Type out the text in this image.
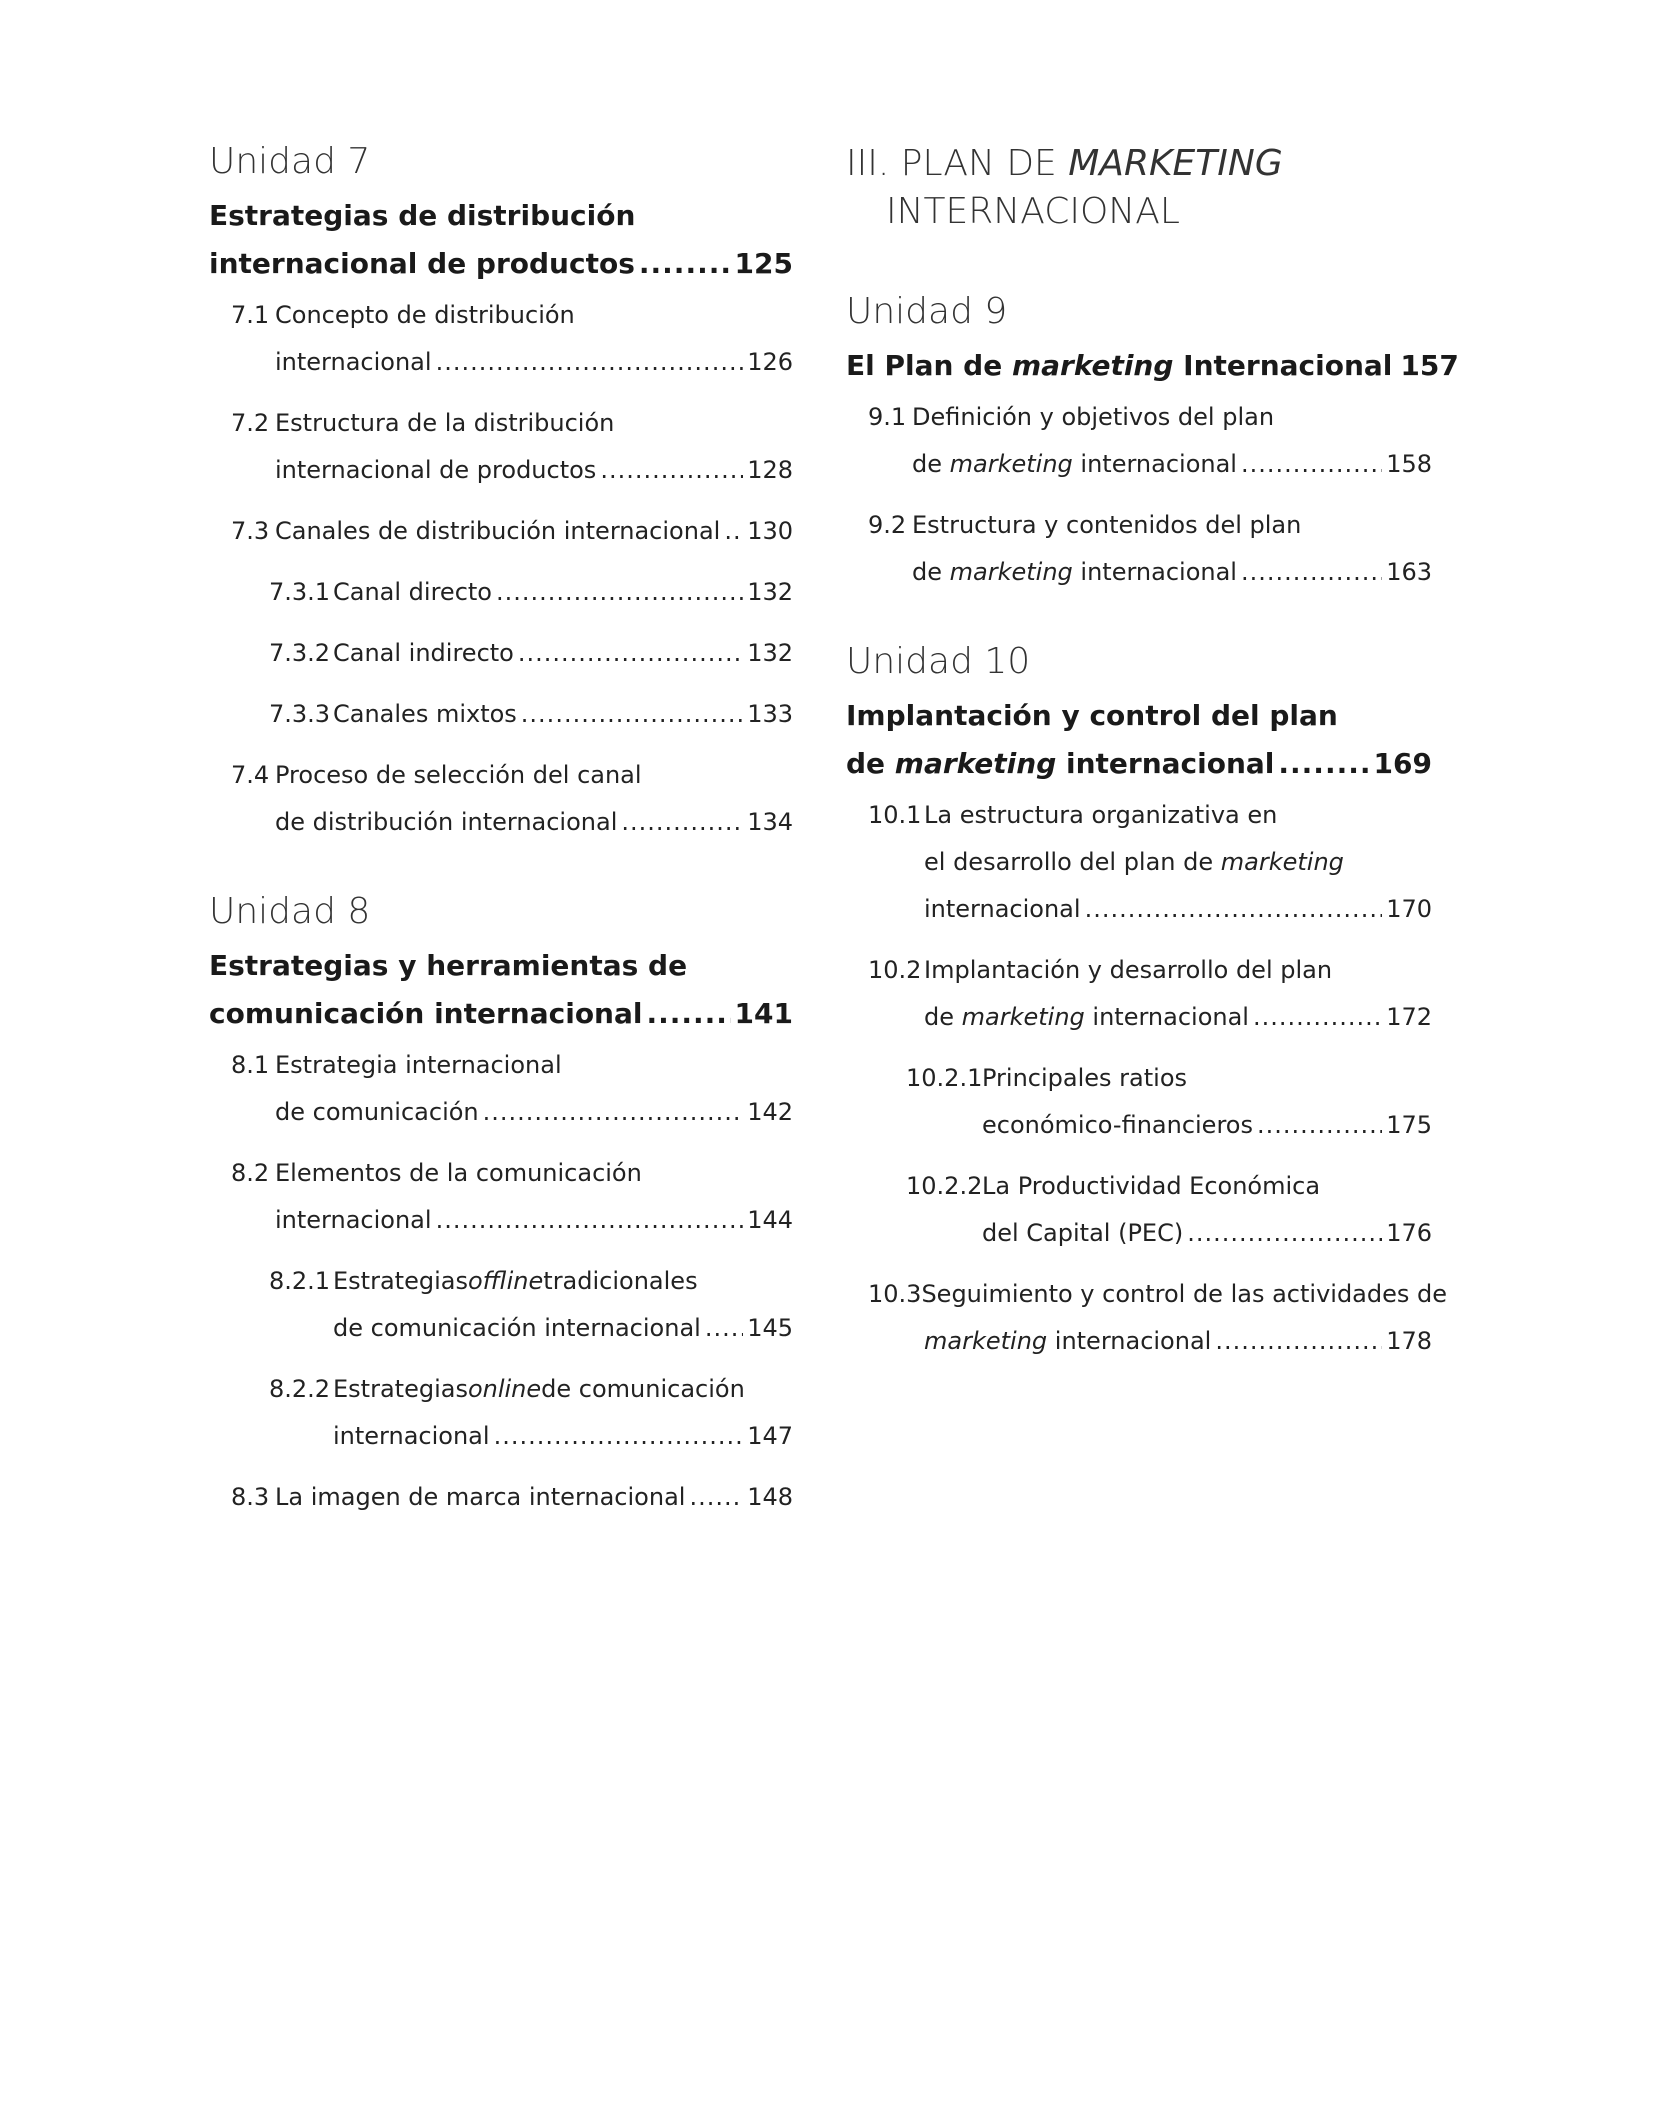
Unidad 7
Estrategias de distribución
internacional de productos .....	125
7.1 Concepto de distribución
internacional .....	126
7.2 Estructura de la distribución
internacional de productos .....	128
7.3 Canales de distribución internacional ..... 130
7.3.1 Canal directo .....	132
7.3.2 Canal indirecto .....	132
7.3.3 Canales mixtos .....	133
7.4 Proceso de selección del canal
de distribución internacional .....	134
Unidad 8
Estrategias y herramientas de
comunicación internacional .....	141
8.1 Estrategia internacional
de comunicación .....	142
8.2 Elementos de la comunicación
internacional .....	144
8.2.1 Estrategias offline tradicionales
de comunicación internacional ..... 145
8.2.2 Estrategias online de comunicación
internacional .....	147
8.3 La imagen de marca internacional .....	148
III. PLAN DE MARKETING
INTERNACIONAL
Unidad 9
El Plan de marketing Internacional 157
9.1 Definición y objetivos del plan
de marketing internacional .....	158
9.2 Estructura y contenidos del plan
de marketing internacional .....	163
Unidad 10
Implantación y control del plan
de marketing internacional .....	169
10.1 La estructura organizativa en
el desarrollo del plan de marketing
internacional .....	170
10.2 Implantación y desarrollo del plan
de marketing internacional .....	172
10.2.1 Principales ratios
económico-financieros .....	175
10.2.2 La Productividad Económica
del Capital (PEC) .....	176
10.3 Seguimiento y control de las actividades de
marketing internacional .....	178
